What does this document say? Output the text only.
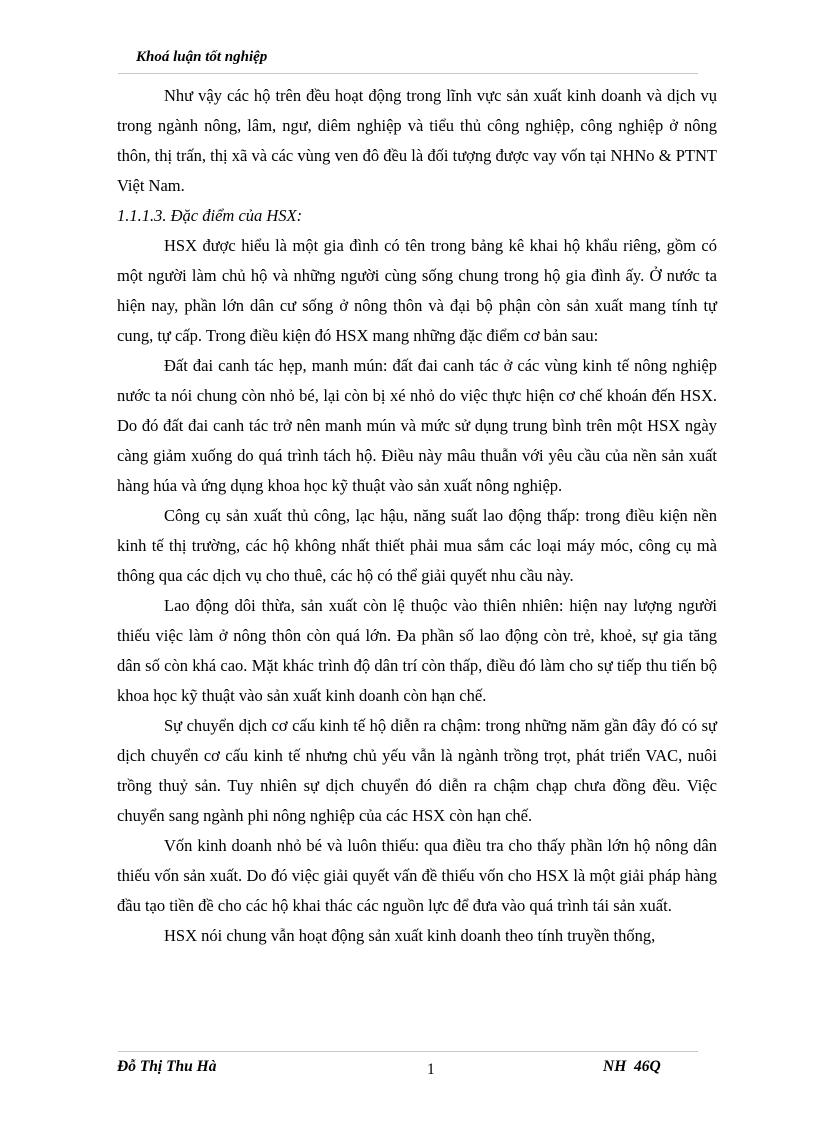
Khoá luận tốt nghiệp

Như vậy các hộ trên đều hoạt động trong lĩnh vực sản xuất kinh doanh và dịch vụ trong ngành nông, lâm, ngư, diêm nghiệp và tiểu thủ công nghiệp, công nghiệp ở nông thôn, thị trấn, thị xã và các vùng ven đô đều là đối tượng được vay vốn tại NHNo & PTNT Việt Nam.

1.1.1.3. Đặc điểm của HSX:

HSX được hiểu là một gia đình có tên trong bảng kê khai hộ khẩu riêng, gồm có một người làm chủ hộ và những người cùng sống chung trong hộ gia đình ấy. Ở nước ta hiện nay, phần lớn dân cư sống ở nông thôn và đại bộ phận còn sản xuất mang tính tự cung, tự cấp. Trong điều kiện đó HSX mang những đặc điểm cơ bản sau:

Đất đai canh tác hẹp, manh mún: đất đai canh tác ở các vùng kinh tế nông nghiệp nước ta nói chung còn nhỏ bé, lại còn bị xé nhỏ do việc thực hiện cơ chế khoán đến HSX. Do đó đất đai canh tác trở nên manh mún và mức sử dụng trung bình trên một HSX ngày càng giảm xuống do quá trình tách hộ. Điều này mâu thuẫn với yêu cầu của nền sản xuất hàng húa và ứng dụng khoa học kỹ thuật vào sản xuất nông nghiệp.

Công cụ sản xuất thủ công, lạc hậu, năng suất lao động thấp: trong điều kiện nền kinh tế thị trường, các hộ không nhất thiết phải mua sắm các loại máy móc, công cụ mà thông qua các dịch vụ cho thuê, các hộ có thể giải quyết nhu cầu này.

Lao động dôi thừa, sản xuất còn lệ thuộc vào thiên nhiên: hiện nay lượng người thiếu việc làm ở nông thôn còn quá lớn. Đa phần số lao động còn trẻ, khoẻ, sự gia tăng dân số còn khá cao. Mặt khác trình độ dân trí còn thấp, điều đó làm cho sự tiếp thu tiến bộ khoa học kỹ thuật vào sản xuất kinh doanh còn hạn chế.

Sự chuyển dịch cơ cấu kinh tế hộ diễn ra chậm: trong những năm gần đây đó có sự dịch chuyển cơ cấu kinh tế nhưng chủ yếu vẫn là ngành trồng trọt, phát triển VAC, nuôi trồng thuỷ sản. Tuy nhiên sự dịch chuyển đó diễn ra chậm chạp chưa đồng đều. Việc chuyển sang ngành phi nông nghiệp của các HSX còn hạn chế.

Vốn kinh doanh nhỏ bé và luôn thiếu: qua điều tra cho thấy phần lớn hộ nông dân thiếu vốn sản xuất. Do đó việc giải quyết vấn đề thiếu vốn cho HSX là một giải pháp hàng đầu tạo tiền đề cho các hộ khai thác các nguồn lực để đưa vào quá trình tái sản xuất.

HSX nói chung vẫn hoạt động sản xuất kinh doanh theo tính truyền thống,

Đỗ Thị Thu Hà	1	NH  46Q
